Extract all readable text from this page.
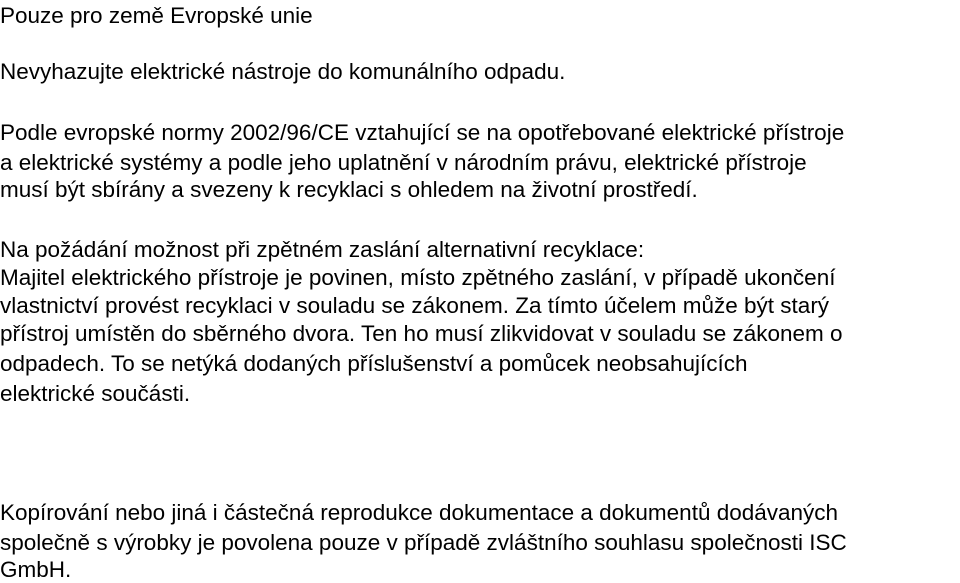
Pouze pro země Evropské unie

Nevyhazujte elektrické nástroje do komunálního odpadu.

Podle evropské normy 2002/96/CE vztahující se na opotřebované elektrické přístroje

a elektrické systémy a podle jeho uplatnění v národním právu, elektrické přístroje

musí být sbírány a svezeny k recyklaci s ohledem na životní prostředí.

Na požádání možnost při zpětném zaslání alternativní recyklace:

Majitel elektrického přístroje je povinen, místo zpětného zaslání, v případě ukončení

vlastnictví provést recyklaci v souladu se zákonem. Za tímto účelem může být starý

přístroj umístěn do sběrného dvora. Ten ho musí zlikvidovat v souladu se zákonem o

odpadech. To se netýká dodaných příslušenství a pomůcek neobsahujících

elektrické součásti.

Kopírování nebo jiná i částečná reprodukce dokumentace a dokumentů dodávaných

společně s výrobky je povolena pouze v případě zvláštního souhlasu společnosti ISC

GmbH.
